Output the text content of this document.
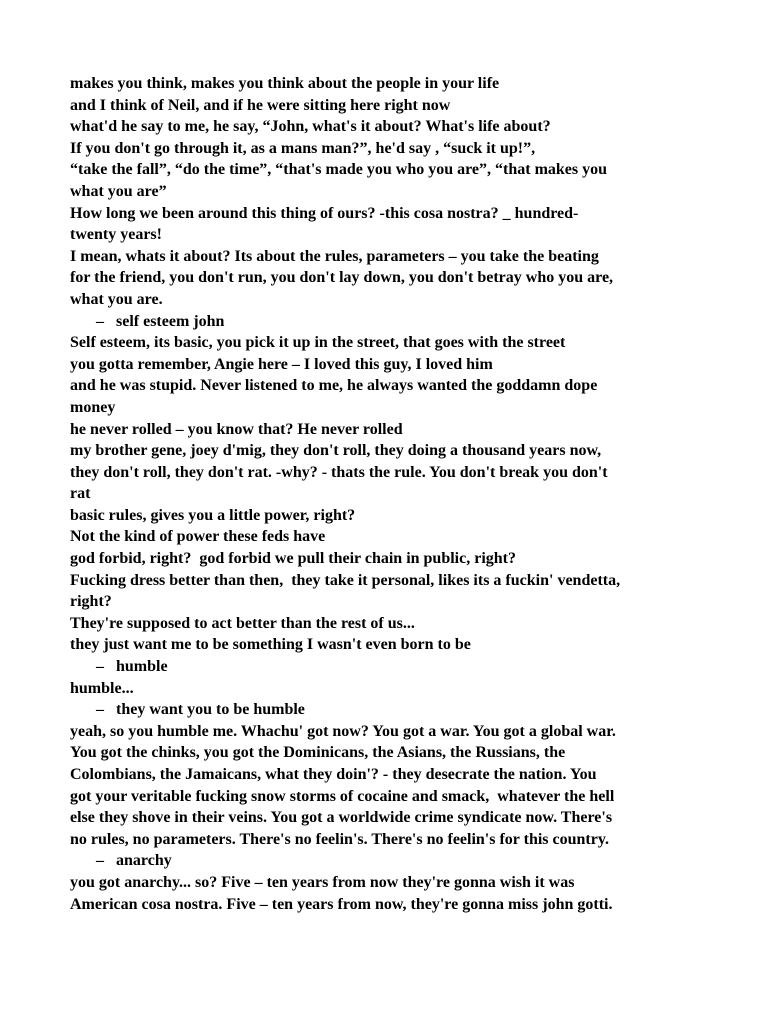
makes you think, makes you think about the people in your life
and I think of Neil, and if he were sitting here right now
what'd he say to me, he say, “John, what's it about? What's life about?
If you don't go through it, as a mans man?”, he'd say , “suck it up!”,
“take the fall”, “do the time”, “that's made you who you are”, “that makes you
what you are”
How long we been around this thing of ours? -this cosa nostra? _ hundred-
twenty years!
I mean, whats it about? Its about the rules, parameters – you take the beating
for the friend, you don't run, you don't lay down, you don't betray who you are,
what you are.
–   self esteem john
Self esteem, its basic, you pick it up in the street, that goes with the street
you gotta remember, Angie here – I loved this guy, I loved him
and he was stupid. Never listened to me, he always wanted the goddamn dope
money
he never rolled – you know that? He never rolled
my brother gene, joey d'mig, they don't roll, they doing a thousand years now,
they don't roll, they don't rat. -why? - thats the rule. You don't break you don't
rat
basic rules, gives you a little power, right?
Not the kind of power these feds have
god forbid, right?  god forbid we pull their chain in public, right?
Fucking dress better than then,  they take it personal, likes its a fuckin' vendetta,
right?
They're supposed to act better than the rest of us...
they just want me to be something I wasn't even born to be
–   humble
humble...
–   they want you to be humble
yeah, so you humble me. Whachu' got now? You got a war. You got a global war.
You got the chinks, you got the Dominicans, the Asians, the Russians, the
Colombians, the Jamaicans, what they doin'? - they desecrate the nation. You
got your veritable fucking snow storms of cocaine and smack,  whatever the hell
else they shove in their veins. You got a worldwide crime syndicate now. There's
no rules, no parameters. There's no feelin's. There's no feelin's for this country.
–   anarchy
you got anarchy... so? Five – ten years from now they're gonna wish it was
American cosa nostra. Five – ten years from now, they're gonna miss john gotti.
